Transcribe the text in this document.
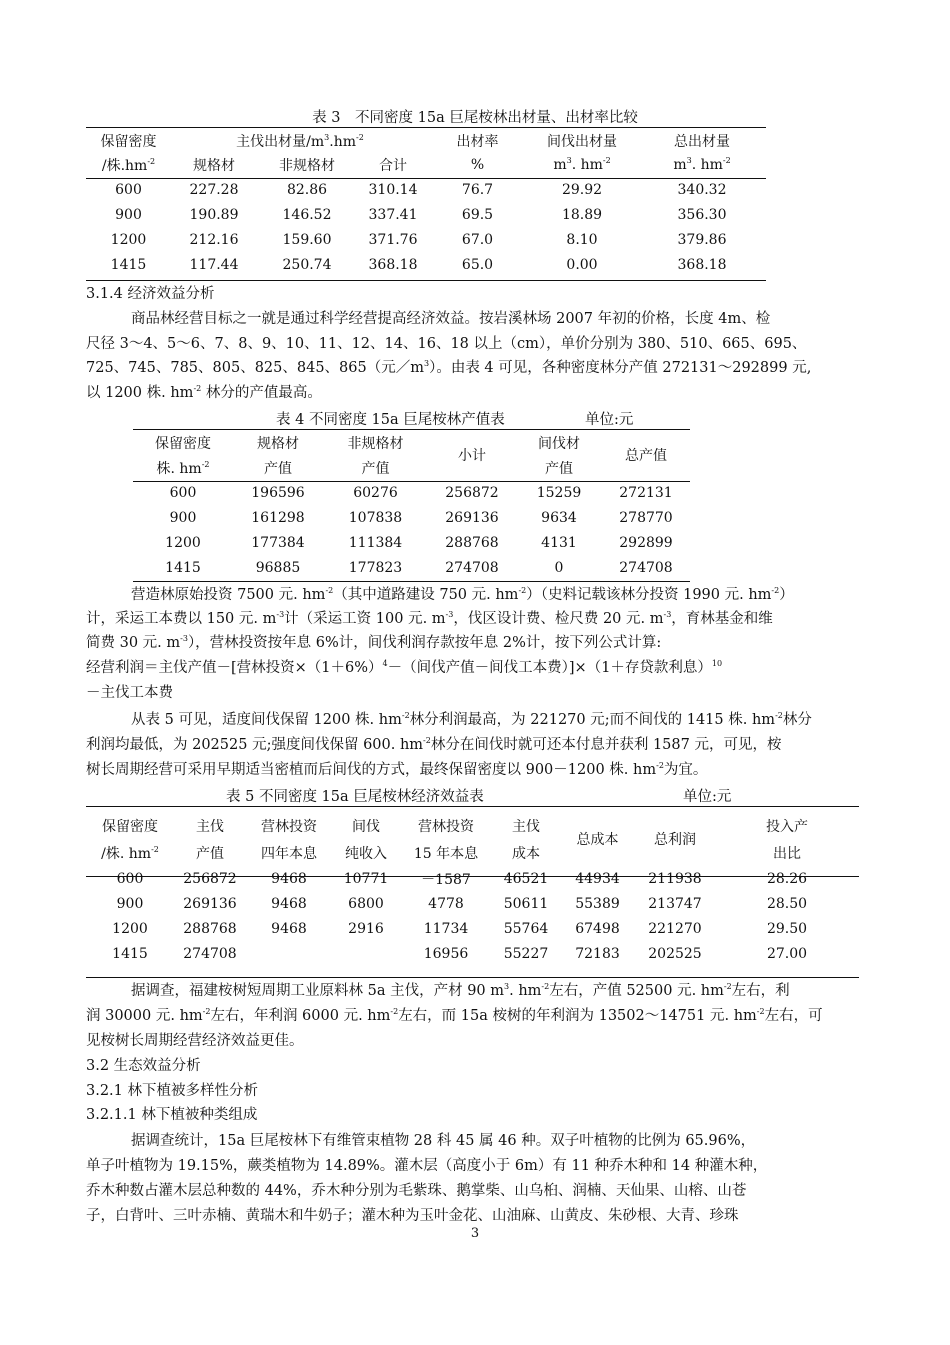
表 3　不同密度 15a 巨尾桉林出材量、出材率比较
保留密度	主伐出材量$/m^3.hm^{-2}$			出材率	间伐出材量	总出材量
/株$.hm^{-2}$	规格材	非规格材	合计	%	$m^3$. $hm^{-2}$	$m^3$. $hm^{-2}$
600	227.28	82.86	310.14	76.7	29.92	340.32
900	190.89	146.52	337.41	69.5	18.89	356.30
1200	212.16	159.60	371.76	67.0	8.10	379.86
1415	117.44	250.74	368.18	65.0	0.00	368.18
3.1.4 经济效益分析
商品林经营目标之一就是通过科学经营提高经济效益。按岩溪林场 2007 年初的价格，长度 4m、检
尺径 3～4、5～6、7、8、9、10、11、12、14、16、18 以上（cm），单价分别为 380、510、665、695、
725、745、785、805、825、845、865（元$/m^3$）。由表 4 可见，各种密度林分产值 272131～292899 元,
以 1200 株. $hm^{-2}$ 林分的产值最高。
表 4 不同密度 15a 巨尾桉林产值表	单位:元
保留密度	规格材	非规格材	小计	间伐材	总产值
株. $hm^{-2}$	产值	产值		产值	
600	196596	60276	256872	15259	272131
900	161298	107838	269136	9634	278770
1200	177384	111384	288768	4131	292899
1415	96885	177823	274708	0	274708
营造林原始投资 7500 元. $hm^{-2}$（其中道路建设 750 元. $hm^{-2}$）（史料记载该林分投资 1990 元. $hm^{-2}$）
计，采运工本费以 150 元. $m^{-3}$计（采运工资 100 元. $m^{-3}$，伐区设计费、检尺费 20 元. $m^{-3}$，育林基金和维
简费 30 元. $m^{-3}$），营林投资按年息 6%计，间伐利润存款按年息 2%计，按下列公式计算:
经营利润＝主伐产值－[营林投资$\times(1+6\%)^4-$（间伐产值－间伐工本费）]×（1＋存贷款利息）$^{10}$
－主伐工本费
从表 5 可见，适度间伐保留 1200 株. $hm^{-2}$林分利润最高，为 221270 元;而不间伐的 1415 株. $hm^{-2}$林分
利润均最低，为 202525 元;强度间伐保留 600. $hm^{-2}$林分在间伐时就可还本付息并获利 1587 元，可见，桉
树长周期经营可采用早期适当密植而后间伐的方式，最终保留密度以 900－1200 株. $hm^{-2}$为宜。
表 5 不同密度 15a 巨尾桉林经济效益表	单位:元
保留密度	主伐	营林投资	间伐	营林投资	主伐	总成本	总利润	投入产
/株. $hm^{-2}$	产值	四年本息	纯收入	15 年本息	成本			出比
600	256872	9468	10771	－1587	46521	44934	211938	28.26
900	269136	9468	6800	4778	50611	55389	213747	28.50
1200	288768	9468	2916	11734	55764	67498	221270	29.50
1415	274708			16956	55227	72183	202525	27.00
据调查，福建桉树短周期工业原料林 5a 主伐，产材 90 $m^3$. $hm^{-2}$左右，产值 52500 元. $hm^{-2}$左右，利
润 30000 元. $hm^{-2}$左右，年利润 6000 元. $hm^{-2}$左右，而 15a 桉树的年利润为 13502～14751 元. $hm^{-2}$左右，可
见桉树长周期经营经济效益更佳。
3.2 生态效益分析
3.2.1 林下植被多样性分析
3.2.1.1 林下植被种类组成
据调查统计，15a 巨尾桉林下有维管束植物 28 科 45 属 46 种。双子叶植物的比例为 65.96%，
单子叶植物为 19.15%，蕨类植物为 14.89%。灌木层（高度小于 6m）有 11 种乔木种和 14 种灌木种，
乔木种数占灌木层总种数的 44%，乔木种分别为毛紫珠、鹅掌柴、山乌桕、润楠、天仙果、山榕、山苍
子，白背叶、三叶赤楠、黄瑞木和牛奶子；灌木种为玉叶金花、山油麻、山黄皮、朱砂根、大青、珍珠
3
